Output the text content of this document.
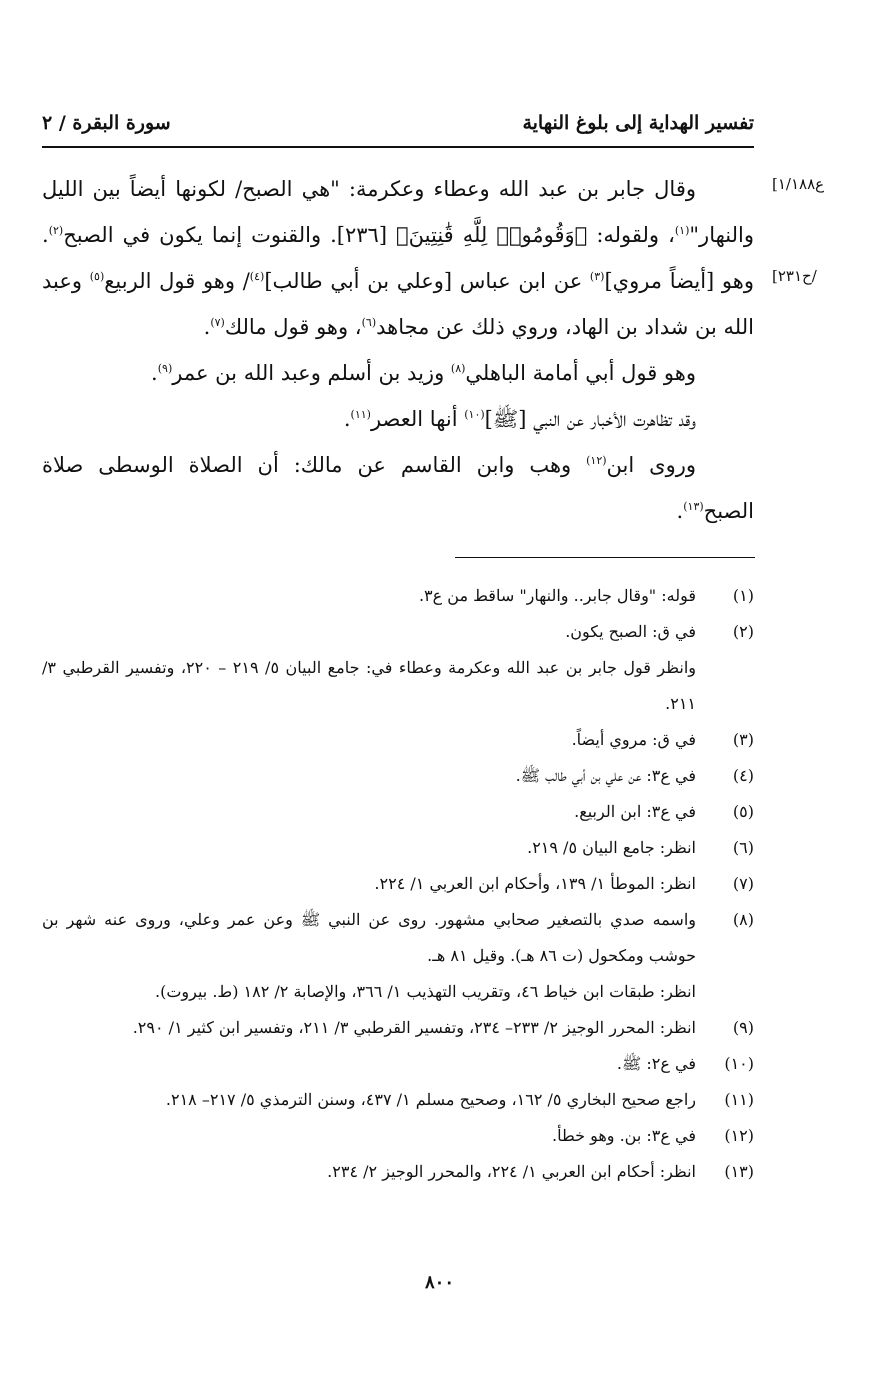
تفسير الهداية إلى بلوغ النهاية
سورة البقرة / ٢
[ع١/١٨٨
[ح٢٣١/

وقال جابر بن عبد الله وعطاء وعكرمة: "هي الصبح/ لكونها أيضاً بين الليل والنهار"$^{(١)}$، ولقوله: ﴿وَقُومُوا۟ لِلَّهِ قَٰنِتِينَ﴾ [٢٣٦]. والقنوت إنما يكون في الصبح$^{(٢)}$. وهو [أيضاً مروي]$^{(٣)}$ عن ابن عباس [وعلي بن أبي طالب]$^{(٤)}$/ وهو قول الربيع$^{(٥)}$ وعبد الله بن شداد بن الهاد، وروي ذلك عن مجاهد$^{(٦)}$، وهو قول مالك$^{(٧)}$.

وهو قول أبي أمامة الباهلي$^{(٨)}$ وزيد بن أسلم وعبد الله بن عمر$^{(٩)}$.

وقد تظاهرت الأخبار عن النبي [ﷺ]$^{(١٠)}$ أنها العصر$^{(١١)}$.

وروى ابن$^{(١٢)}$ وهب وابن القاسم عن مالك: أن الصلاة الوسطى صلاة الصبح$^{(١٣)}$.

(١)
قوله: "وقال جابر.. والنهار" ساقط من ع٣.
(٢)
في ق: الصبح يكون.

وانظر قول جابر بن عبد الله وعكرمة وعطاء في: جامع البيان ٥/ ٢١٩ – ٢٢٠، وتفسير القرطبي ٣/ ٢١١.

(٣)
في ق: مروي أيضاً.
(٤)
في ع٣: عن علي بن أبي طالب ﷺ.
(٥)
في ع٣: ابن الربيع.
(٦)
انظر: جامع البيان ٥/ ٢١٩.
(٧)
انظر: الموطأ ١/ ١٣٩، وأحكام ابن العربي ١/ ٢٢٤.
(٨)
واسمه صدي بالتصغير صحابي مشهور. روى عن النبي ﷺ وعن عمر وعلي، وروى عنه شهر بن حوشب ومكحول (ت ٨٦ هـ). وقيل ٨١ هـ.

انظر: طبقات ابن خياط ٤٦، وتقريب التهذيب ١/ ٣٦٦، والإصابة ٢/ ١٨٢ (ط. بيروت).

(٩)
انظر: المحرر الوجيز ٢/ ٢٣٣– ٢٣٤، وتفسير القرطبي ٣/ ٢١١، وتفسير ابن كثير ١/ ٢٩٠.
(١٠)
في ع٢: ﷺ.
(١١)
راجع صحيح البخاري ٥/ ١٦٢، وصحيح مسلم ١/ ٤٣٧، وسنن الترمذي ٥/ ٢١٧– ٢١٨.
(١٢)
في ع٣: بن. وهو خطأ.
(١٣)
انظر: أحكام ابن العربي ١/ ٢٢٤، والمحرر الوجيز ٢/ ٢٣٤.
٨٠٠
